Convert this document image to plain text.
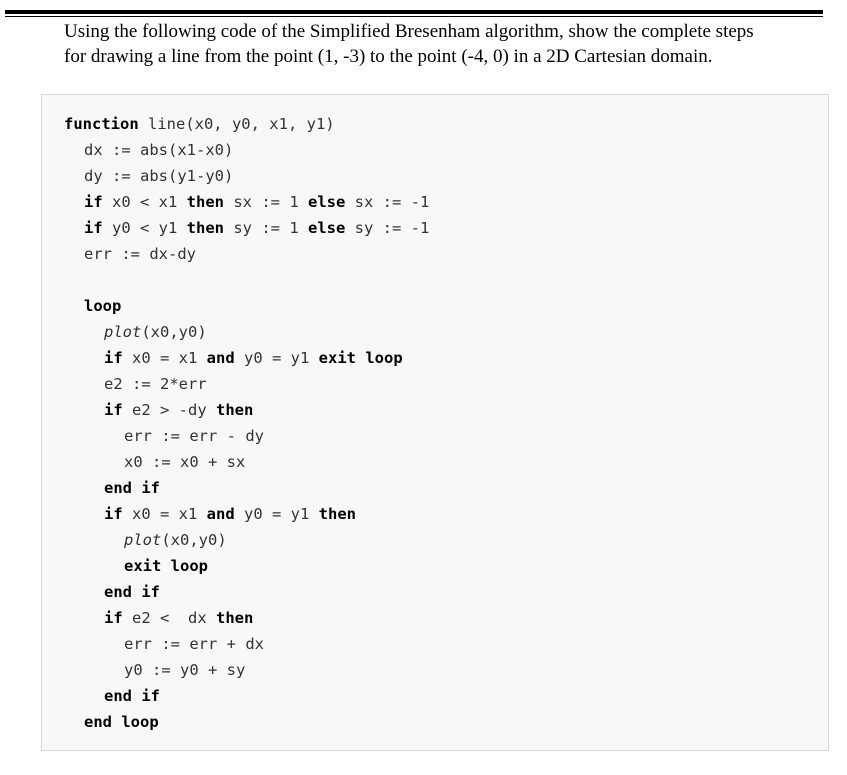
Using the following code of the Simplified Bresenham algorithm, show the complete steps
for drawing a line from the point (1, -3) to the point (-4, 0) in a 2D Cartesian domain.
function line(x0, y0, x1, y1)
dx := abs(x1-x0)
dy := abs(y1-y0)
if x0 < x1 then sx := 1 else sx := -1
if y0 < y1 then sy := 1 else sy := -1
err := dx-dy
loop
plot(x0,y0)
if x0 = x1 and y0 = y1 exit loop
e2 := 2*err
if e2 > -dy then
err := err - dy
x0 := x0 + sx
end if
if x0 = x1 and y0 = y1 then
plot(x0,y0)
exit loop
end if
if e2 <  dx then
err := err + dx
y0 := y0 + sy
end if
end loop
